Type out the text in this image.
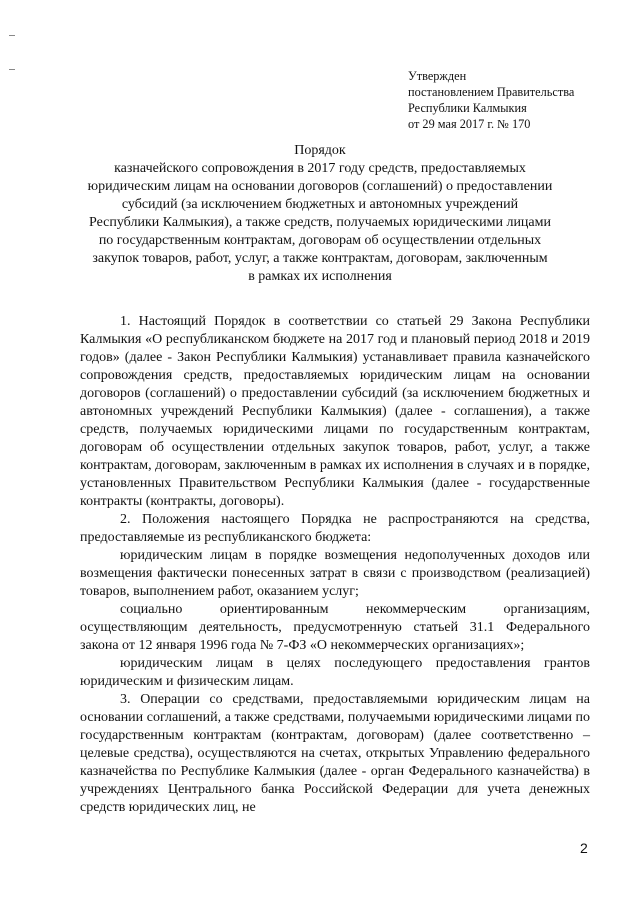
Утвержден
постановлением Правительства
Республики Калмыкия
от 29 мая 2017 г. № 170
Порядок
казначейского сопровождения в 2017 году средств, предоставляемых
юридическим лицам на основании договоров (соглашений) о предоставлении
субсидий (за исключением бюджетных и автономных учреждений
Республики Калмыкия), а также средств, получаемых юридическими лицами
по государственным контрактам, договорам об осуществлении отдельных
закупок товаров, работ, услуг, а также контрактам, договорам, заключенным
в рамках их исполнения

1. Настоящий Порядок в соответствии со статьей 29 Закона Республики Калмыкия «О республиканском бюджете на 2017 год и плановый период 2018 и 2019 годов» (далее - Закон Республики Калмыкия) устанавливает правила казначейского сопровождения средств, предоставляемых юридическим лицам на основании договоров (соглашений) о предоставлении субсидий (за исключением бюджетных и автономных учреждений Республики Калмыкия) (далее - соглашения), а также средств, получаемых юридическими лицами по государственным контрактам, договорам об осуществлении отдельных закупок товаров, работ, услуг, а также контрактам, договорам, заключенным в рамках их исполнения в случаях и в порядке, установленных Правительством Республики Калмыкия (далее - государственные контракты (контракты, договоры).

2. Положения настоящего Порядка не распространяются на средства, предоставляемые из республиканского бюджета:

юридическим лицам в порядке возмещения недополученных доходов или возмещения фактически понесенных затрат в связи с производством (реализацией) товаров, выполнением работ, оказанием услуг;

социально ориентированным некоммерческим организациям, осуществляющим деятельность, предусмотренную статьей 31.1 Федерального закона от 12 января 1996 года № 7-ФЗ «О некоммерческих организациях»;

юридическим лицам в целях последующего предоставления грантов юридическим и физическим лицам.

3. Операции со средствами, предоставляемыми юридическим лицам на основании соглашений, а также средствами, получаемыми юридическими лицами по государственным контрактам (контрактам, договорам) (далее соответственно – целевые средства), осуществляются на счетах, открытых Управлению федерального казначейства по Республике Калмыкия (далее - орган Федерального казначейства) в учреждениях Центрального банка Российской Федерации для учета денежных средств юридических лиц, не

2
